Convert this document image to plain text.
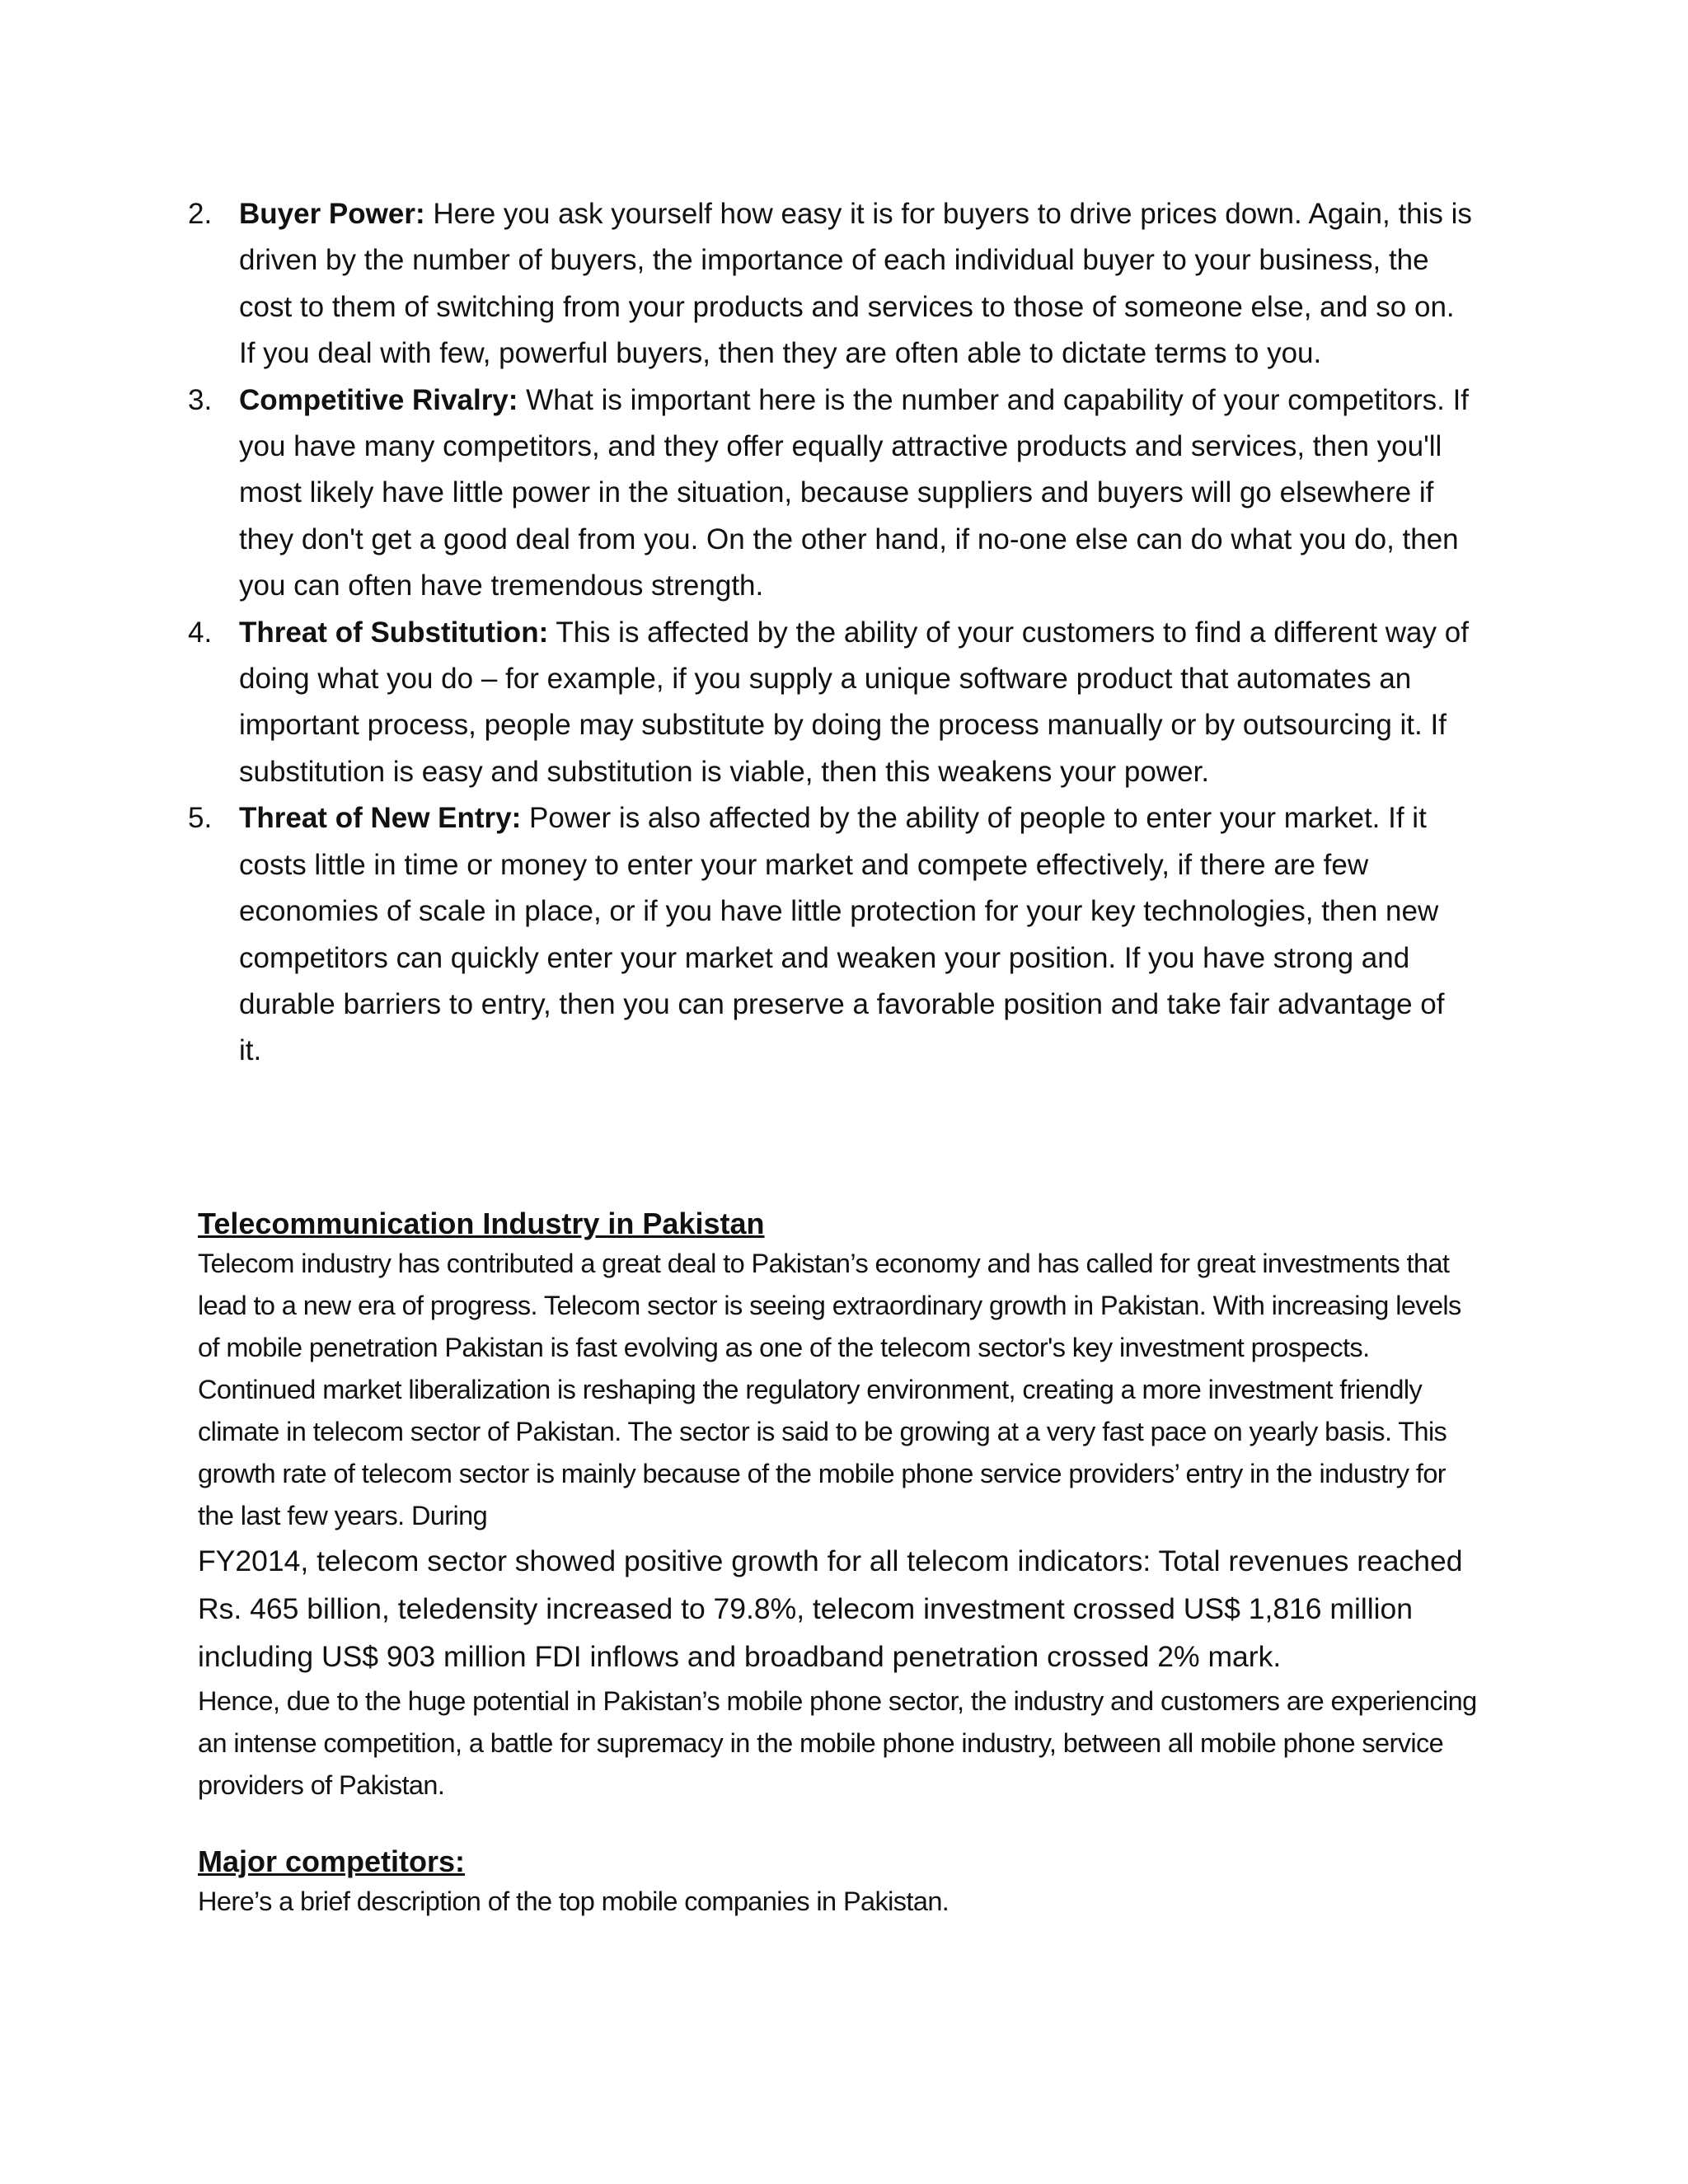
2. Buyer Power: Here you ask yourself how easy it is for buyers to drive prices down. Again, this is driven by the number of buyers, the importance of each individual buyer to your business, the cost to them of switching from your products and services to those of someone else, and so on. If you deal with few, powerful buyers, then they are often able to dictate terms to you.
3. Competitive Rivalry: What is important here is the number and capability of your competitors. If you have many competitors, and they offer equally attractive products and services, then you'll most likely have little power in the situation, because suppliers and buyers will go elsewhere if they don't get a good deal from you. On the other hand, if no-one else can do what you do, then you can often have tremendous strength.
4. Threat of Substitution: This is affected by the ability of your customers to find a different way of doing what you do – for example, if you supply a unique software product that automates an important process, people may substitute by doing the process manually or by outsourcing it. If substitution is easy and substitution is viable, then this weakens your power.
5. Threat of New Entry: Power is also affected by the ability of people to enter your market. If it costs little in time or money to enter your market and compete effectively, if there are few economies of scale in place, or if you have little protection for your key technologies, then new competitors can quickly enter your market and weaken your position. If you have strong and durable barriers to entry, then you can preserve a favorable position and take fair advantage of it.
Telecommunication Industry in Pakistan

Telecom industry has contributed a great deal to Pakistan’s economy and has called for great investments that lead to a new era of progress. Telecom sector is seeing extraordinary growth in Pakistan. With increasing levels of mobile penetration Pakistan is fast evolving as one of the telecom sector's key investment prospects. Continued market liberalization is reshaping the regulatory environment, creating a more investment friendly climate in telecom sector of Pakistan. The sector is said to be growing at a very fast pace on yearly basis. This growth rate of telecom sector is mainly because of the mobile phone service providers’ entry in the industry for the last few years. During

FY2014, telecom sector showed positive growth for all telecom indicators: Total revenues reached Rs. 465 billion, teledensity increased to 79.8%, telecom investment crossed US$ 1,816 million including US$ 903 million FDI inflows and broadband penetration crossed 2% mark.

Hence, due to the huge potential in Pakistan’s mobile phone sector, the industry and customers are experiencing an intense competition, a battle for supremacy in the mobile phone industry, between all mobile phone service providers of Pakistan.

Major competitors:

Here’s a brief description of the top mobile companies in Pakistan.
